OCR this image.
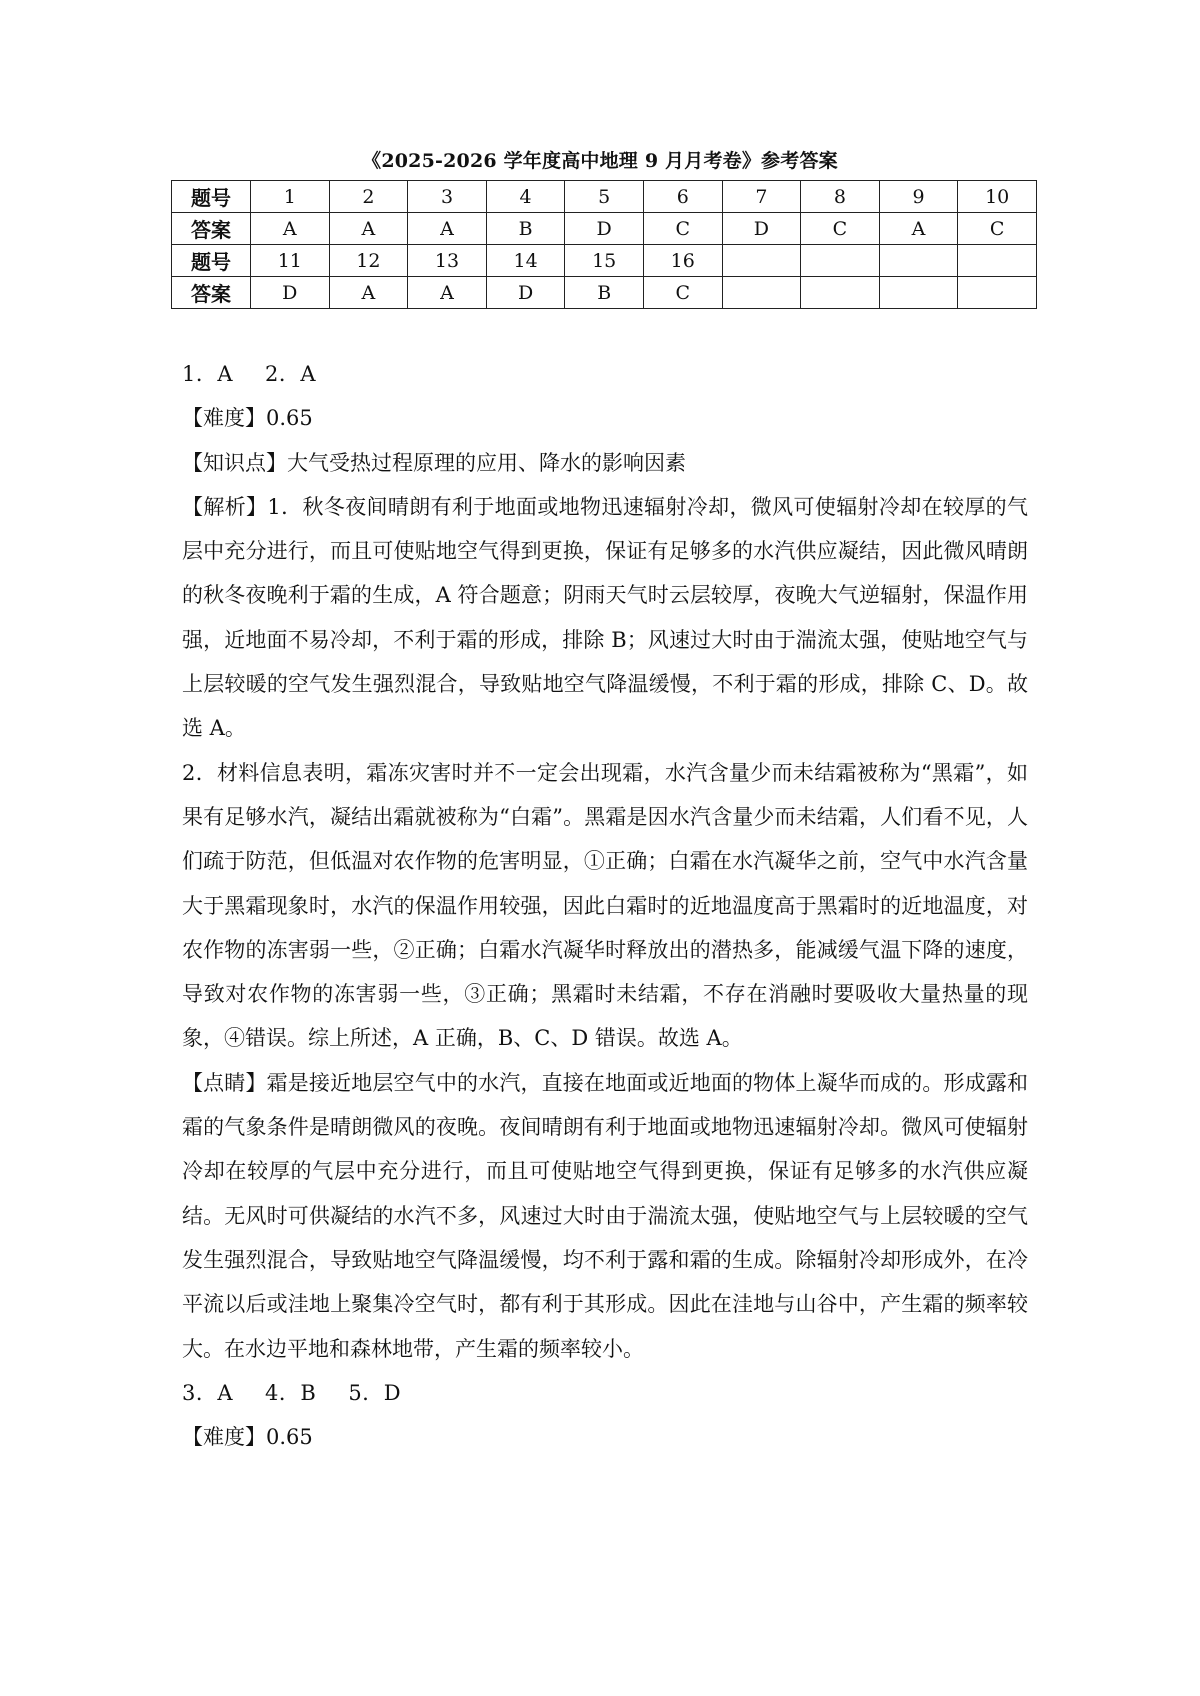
《2025-2026 学年度高中地理 9 月月考卷》参考答案
题号	1	2	3	4	5	6	7	8	9	10
答案	A	A	A	B	D	C	D	C	A	C
题号	11	12	13	14	15	16				
答案	D	A	A	D	B	C				

1．A 2．A

【难度】0.65

【知识点】大气受热过程原理的应用、降水的影响因素

【解析】1．秋冬夜间晴朗有利于地面或地物迅速辐射冷却，微风可使辐射冷却在较厚的气层中充分进行，而且可使贴地空气得到更换，保证有足够多的水汽供应凝结，因此微风晴朗的秋冬夜晚利于霜的生成，A 符合题意；阴雨天气时云层较厚，夜晚大气逆辐射，保温作用强，近地面不易冷却，不利于霜的形成，排除 B；风速过大时由于湍流太强，使贴地空气与上层较暖的空气发生强烈混合，导致贴地空气降温缓慢，不利于霜的形成，排除 C、D。故选 A。

2．材料信息表明，霜冻灾害时并不一定会出现霜，水汽含量少而未结霜被称为“黑霜”，如果有足够水汽，凝结出霜就被称为“白霜”。黑霜是因水汽含量少而未结霜，人们看不见，人们疏于防范，但低温对农作物的危害明显，①正确；白霜在水汽凝华之前，空气中水汽含量大于黑霜现象时，水汽的保温作用较强，因此白霜时的近地温度高于黑霜时的近地温度，对农作物的冻害弱一些，②正确；白霜水汽凝华时释放出的潜热多，能减缓气温下降的速度，导致对农作物的冻害弱一些，③正确；黑霜时未结霜，不存在消融时要吸收大量热量的现象，④错误。综上所述，A 正确，B、C、D 错误。故选 A。

【点睛】霜是接近地层空气中的水汽，直接在地面或近地面的物体上凝华而成的。形成露和霜的气象条件是晴朗微风的夜晚。夜间晴朗有利于地面或地物迅速辐射冷却。微风可使辐射冷却在较厚的气层中充分进行，而且可使贴地空气得到更换，保证有足够多的水汽供应凝结。无风时可供凝结的水汽不多，风速过大时由于湍流太强，使贴地空气与上层较暖的空气发生强烈混合，导致贴地空气降温缓慢，均不利于露和霜的生成。除辐射冷却形成外，在冷平流以后或洼地上聚集冷空气时，都有利于其形成。因此在洼地与山谷中，产生霜的频率较大。在水边平地和森林地带，产生霜的频率较小。

3．A 4．B 5．D

【难度】0.65
